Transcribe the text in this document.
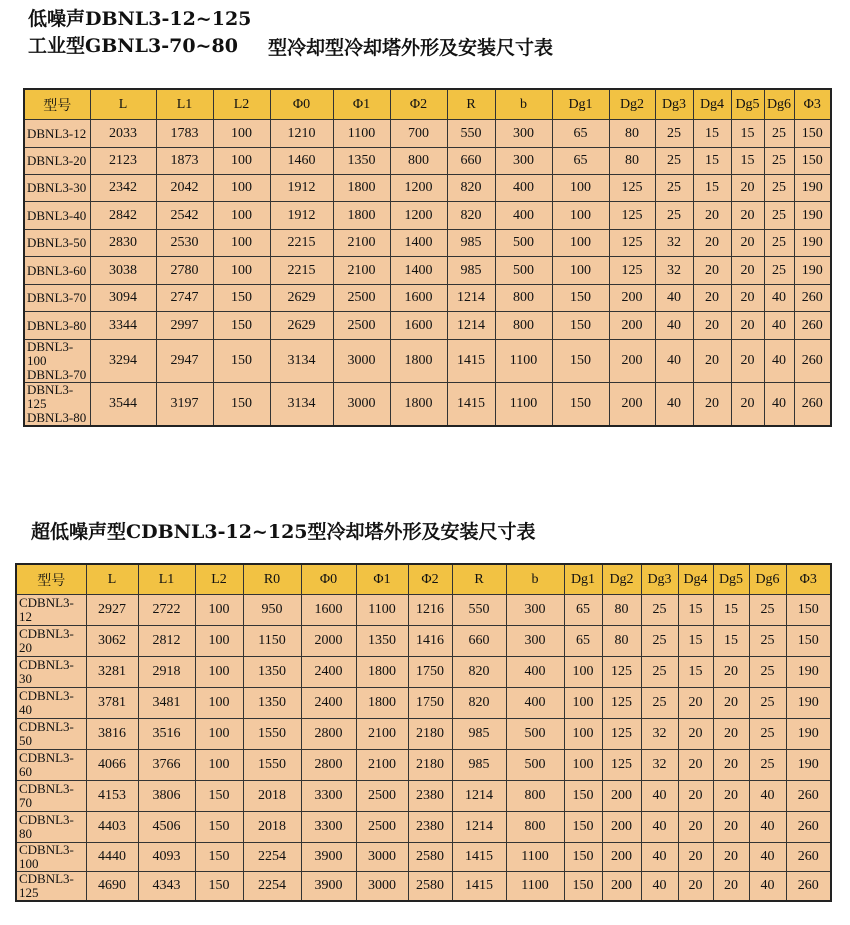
低噪声DBNL3-12~125
工业型GBNL3-70~80	型冷却型冷却塔外形及安装尺寸表
型号	L	L1	L2	Φ0	Φ1	Φ2	R	b	Dg1	Dg2	Dg3	Dg4	Dg5	Dg6	Φ3
DBNL3-12	2033	1783	100	1210	1100	700	550	300	65	80	25	15	15	25	150
DBNL3-20	2123	1873	100	1460	1350	800	660	300	65	80	25	15	15	25	150
DBNL3-30	2342	2042	100	1912	1800	1200	820	400	100	125	25	15	20	25	190
DBNL3-40	2842	2542	100	1912	1800	1200	820	400	100	125	25	20	20	25	190
DBNL3-50	2830	2530	100	2215	2100	1400	985	500	100	125	32	20	20	25	190
DBNL3-60	3038	2780	100	2215	2100	1400	985	500	100	125	32	20	20	25	190
DBNL3-70	3094	2747	150	2629	2500	1600	1214	800	150	200	40	20	20	40	260
DBNL3-80	3344	2997	150	2629	2500	1600	1214	800	150	200	40	20	20	40	260
DBNL3-100 DBNL3-70	3294	2947	150	3134	3000	1800	1415	1100	150	200	40	20	20	40	260
DBNL3-125 DBNL3-80	3544	3197	150	3134	3000	1800	1415	1100	150	200	40	20	20	40	260
超低噪声型CDBNL3-12~125型冷却塔外形及安装尺寸表
型号	L	L1	L2	R0	Φ0	Φ1	Φ2	R	b	Dg1	Dg2	Dg3	Dg4	Dg5	Dg6	Φ3
CDBNL3-12	2927	2722	100	950	1600	1100	1216	550	300	65	80	25	15	15	25	150
CDBNL3-20	3062	2812	100	1150	2000	1350	1416	660	300	65	80	25	15	15	25	150
CDBNL3-30	3281	2918	100	1350	2400	1800	1750	820	400	100	125	25	15	20	25	190
CDBNL3-40	3781	3481	100	1350	2400	1800	1750	820	400	100	125	25	20	20	25	190
CDBNL3-50	3816	3516	100	1550	2800	2100	2180	985	500	100	125	32	20	20	25	190
CDBNL3-60	4066	3766	100	1550	2800	2100	2180	985	500	100	125	32	20	20	25	190
CDBNL3-70	4153	3806	150	2018	3300	2500	2380	1214	800	150	200	40	20	20	40	260
CDBNL3-80	4403	4506	150	2018	3300	2500	2380	1214	800	150	200	40	20	20	40	260
CDBNL3-100	4440	4093	150	2254	3900	3000	2580	1415	1100	150	200	40	20	20	40	260
CDBNL3-125	4690	4343	150	2254	3900	3000	2580	1415	1100	150	200	40	20	20	40	260
